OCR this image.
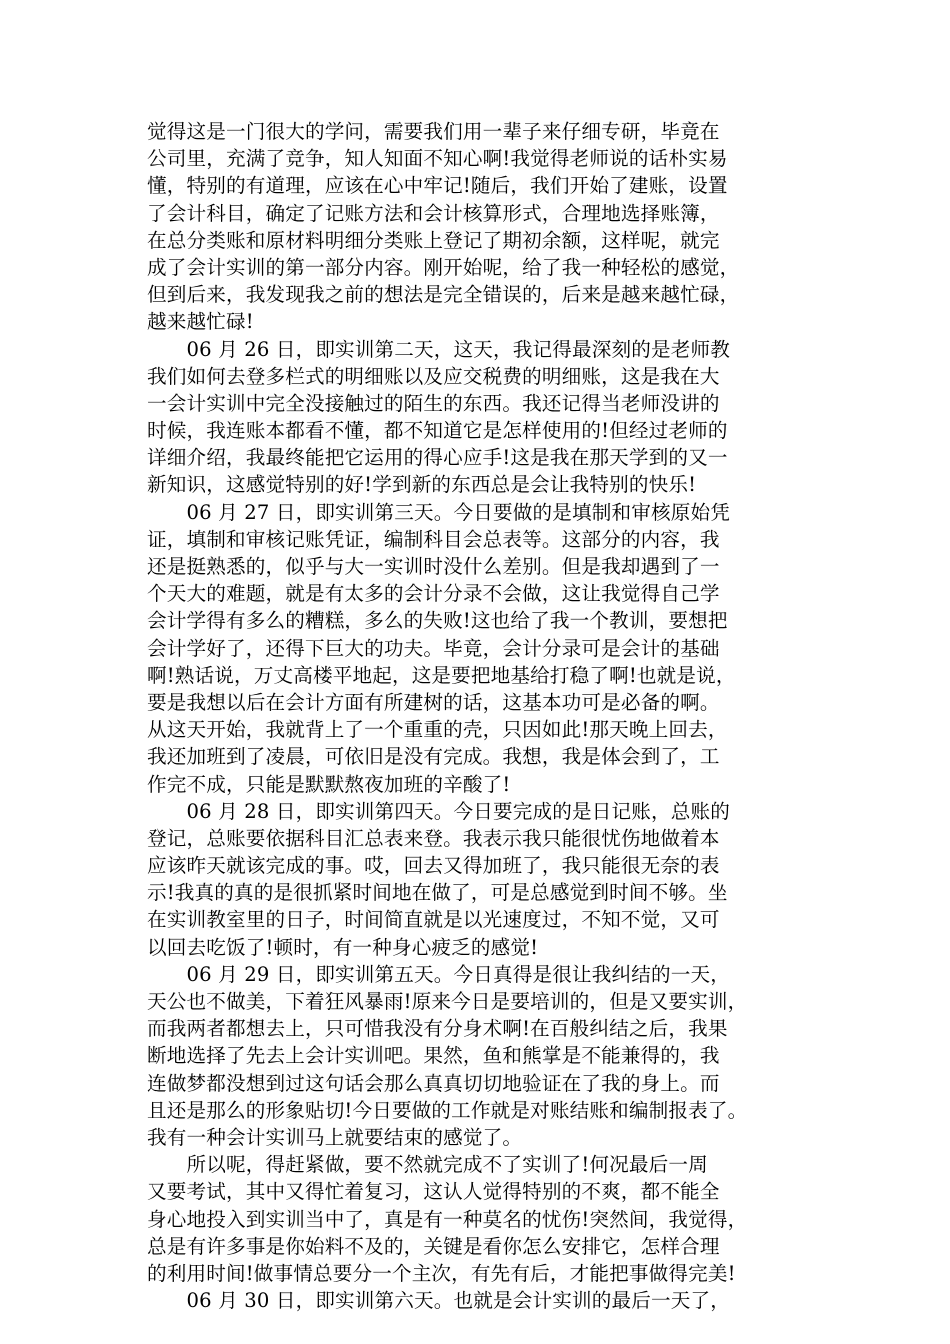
觉得这是一门很大的学问，需要我们用一辈子来仔细专研，毕竟在
公司里，充满了竞争，知人知面不知心啊!我觉得老师说的话朴实易
懂，特别的有道理，应该在心中牢记!随后，我们开始了建账，设置
了会计科目，确定了记账方法和会计核算形式，合理地选择账簿，
在总分类账和原材料明细分类账上登记了期初余额，这样呢，就完
成了会计实训的第一部分内容。刚开始呢，给了我一种轻松的感觉，
但到后来，我发现我之前的想法是完全错误的，后来是越来越忙碌，
越来越忙碌!
　　06 月 26 日，即实训第二天，这天，我记得最深刻的是老师教
我们如何去登多栏式的明细账以及应交税费的明细账，这是我在大
一会计实训中完全没接触过的陌生的东西。我还记得当老师没讲的
时候，我连账本都看不懂，都不知道它是怎样使用的!但经过老师的
详细介绍，我最终能把它运用的得心应手!这是我在那天学到的又一
新知识，这感觉特别的好!学到新的东西总是会让我特别的快乐!
　　06 月 27 日，即实训第三天。今日要做的是填制和审核原始凭
证，填制和审核记账凭证，编制科目会总表等。这部分的内容，我
还是挺熟悉的，似乎与大一实训时没什么差别。但是我却遇到了一
个天大的难题，就是有太多的会计分录不会做，这让我觉得自己学
会计学得有多么的糟糕，多么的失败!这也给了我一个教训，要想把
会计学好了，还得下巨大的功夫。毕竟，会计分录可是会计的基础
啊!熟话说，万丈高楼平地起，这是要把地基给打稳了啊!也就是说，
要是我想以后在会计方面有所建树的话，这基本功可是必备的啊。
从这天开始，我就背上了一个重重的壳，只因如此!那天晚上回去，
我还加班到了凌晨，可依旧是没有完成。我想，我是体会到了，工
作完不成，只能是默默熬夜加班的辛酸了!
　　06 月 28 日，即实训第四天。今日要完成的是日记账，总账的
登记，总账要依据科目汇总表来登。我表示我只能很忧伤地做着本
应该昨天就该完成的事。哎，回去又得加班了，我只能很无奈的表
示!我真的真的是很抓紧时间地在做了，可是总感觉到时间不够。坐
在实训教室里的日子，时间简直就是以光速度过，不知不觉，又可
以回去吃饭了!顿时，有一种身心疲乏的感觉!
　　06 月 29 日，即实训第五天。今日真得是很让我纠结的一天，
天公也不做美，下着狂风暴雨!原来今日是要培训的，但是又要实训，
而我两者都想去上，只可惜我没有分身术啊!在百般纠结之后，我果
断地选择了先去上会计实训吧。果然，鱼和熊掌是不能兼得的，我
连做梦都没想到过这句话会那么真真切切地验证在了我的身上。而
且还是那么的形象贴切!今日要做的工作就是对账结账和编制报表了。
我有一种会计实训马上就要结束的感觉了。
　　所以呢，得赶紧做，要不然就完成不了实训了!何况最后一周
又要考试，其中又得忙着复习，这认人觉得特别的不爽，都不能全
身心地投入到实训当中了，真是有一种莫名的忧伤!突然间，我觉得，
总是有许多事是你始料不及的，关键是看你怎么安排它，怎样合理
的利用时间!做事情总要分一个主次，有先有后，才能把事做得完美!
　　06 月 30 日，即实训第六天。也就是会计实训的最后一天了，
